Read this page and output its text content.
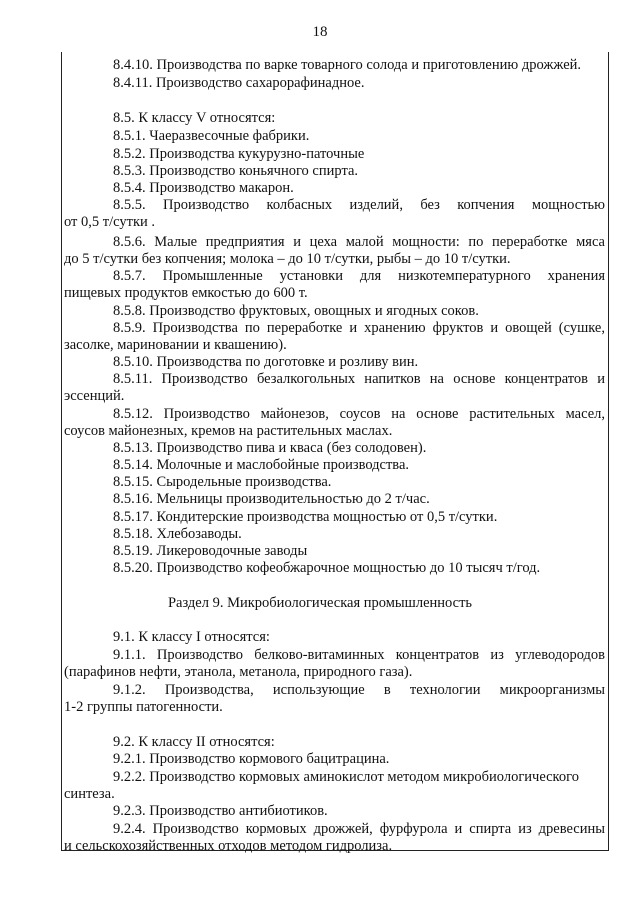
18
8.4.10. Производства по варке товарного солода и приготовлению дрожжей.
8.4.11. Производство сахарорафинадное.
8.5. К классу V относятся:
8.5.1. Чаеразвесочные фабрики.
8.5.2. Производства кукурузно-паточные
8.5.3. Производство коньячного спирта.
8.5.4. Производство макарон.
8.5.5. Производство колбасных изделий, без копчения мощностью
от 0,5 т/сутки .
8.5.6. Малые предприятия и цеха малой мощности: по переработке мяса
до 5 т/сутки без копчения; молока – до 10 т/сутки, рыбы – до 10 т/сутки.
8.5.7. Промышленные установки для низкотемпературного хранения
пищевых продуктов емкостью до 600 т.
8.5.8. Производство фруктовых, овощных и ягодных соков.
8.5.9. Производства по переработке и хранению фруктов и овощей (сушке,
засолке, мариновании и квашению).
8.5.10. Производства по доготовке и розливу вин.
8.5.11. Производство безалкогольных напитков на основе концентратов и
эссенций.
8.5.12. Производство майонезов, соусов на основе растительных масел,
соусов майонезных, кремов на растительных маслах.
8.5.13. Производство пива и кваса (без солодовен).
8.5.14. Молочные и маслобойные производства.
8.5.15. Сыродельные производства.
8.5.16. Мельницы производительностью до 2 т/час.
8.5.17. Кондитерские производства мощностью от 0,5 т/сутки.
8.5.18. Хлебозаводы.
8.5.19. Ликероводочные заводы
8.5.20. Производство кофеобжарочное мощностью до 10 тысяч т/год.
Раздел 9. Микробиологическая промышленность
9.1. К классу I относятся:
9.1.1. Производство белково-витаминных концентратов из углеводородов
(парафинов нефти, этанола, метанола, природного газа).
9.1.2. Производства, использующие в технологии микроорганизмы
1-2 группы патогенности.
9.2. К классу II относятся:
9.2.1. Производство кормового бацитрацина.
9.2.2. Производство кормовых аминокислот методом микробиологического
синтеза.
9.2.3. Производство антибиотиков.
9.2.4. Производство кормовых дрожжей, фурфурола и спирта из древесины
и сельскохозяйственных отходов методом гидролиза.
